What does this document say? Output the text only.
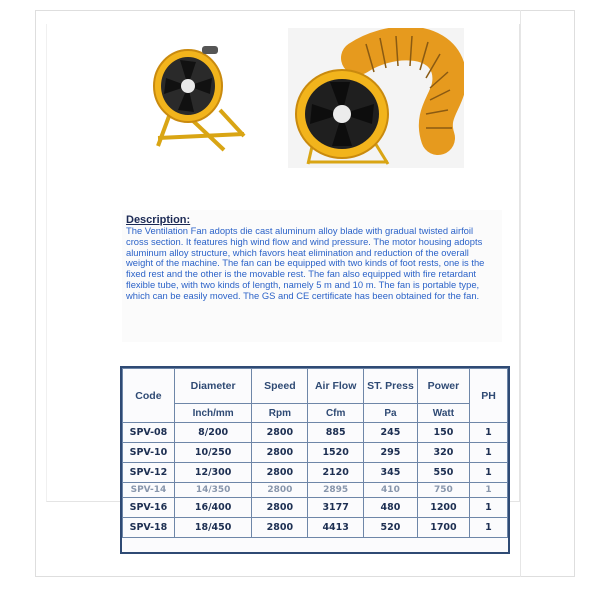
Description:

The Ventilation Fan adopts die cast aluminum alloy blade with gradual twisted airfoil cross section. It features high wind flow and wind pressure. The motor housing adopts aluminum alloy structure, which favors heat elimination and reduction of the overall weight of the machine. The fan can be equipped with two kinds of foot rests, one is the fixed rest and the other is the movable rest. The fan also equipped with fire retardant flexible tube, with two kinds of length, namely 5 m and 10 m. The fan is portable type, which can be easily moved. The GS and CE certificate has been obtained for the fan.

Code	Diameter	Speed	Air Flow	ST. Press	Power	PH
	Inch/mm	Rpm	Cfm	Pa	Watt	
SPV-08	8/200	2800	885	245	150	1
SPV-10	10/250	2800	1520	295	320	1
SPV-12	12/300	2800	2120	345	550	1
SPV-14	14/350	2800	2895	410	750	1
SPV-16	16/400	2800	3177	480	1200	1
SPV-18	18/450	2800	4413	520	1700	1
